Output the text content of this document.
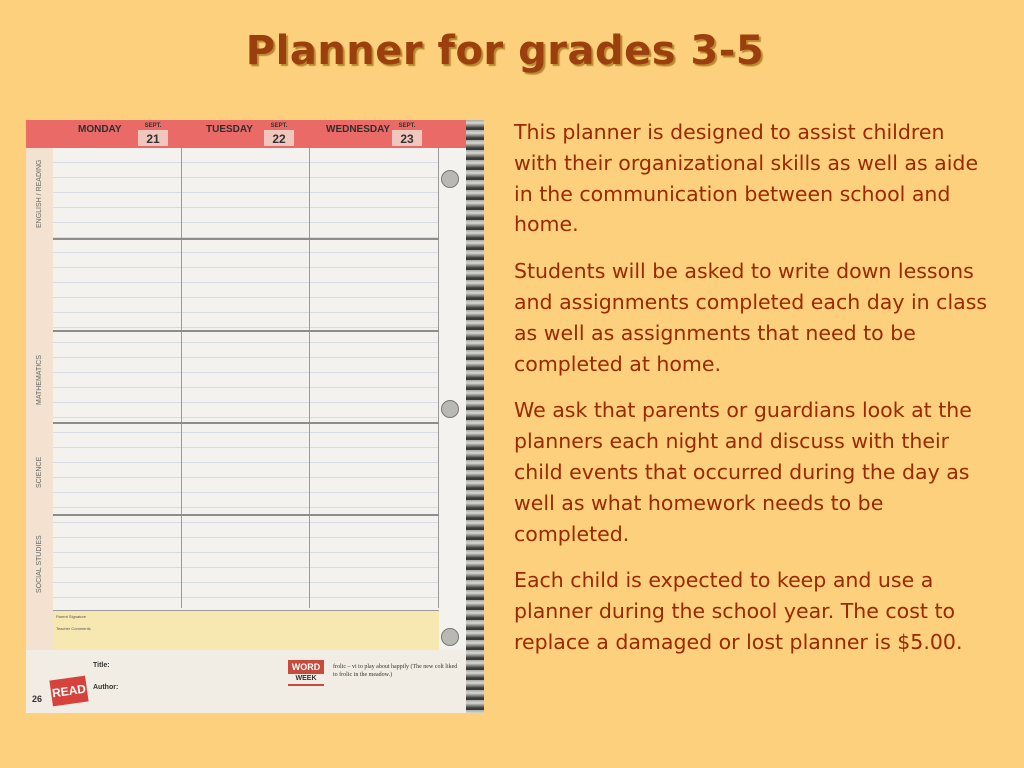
Planner for grades 3-5
MONDAY	SEPT.
21
TUESDAY	SEPT.
22
WEDNESDAY	SEPT.
23
ENGLISH / READING
MATHEMATICS
SCIENCE
SOCIAL STUDIES
Parent Signature
Teacher Comments
26 READ
Title:
Author:
WORD
WEEK
frolic – vi to play about happily (The new colt liked to frolic in the meadow.)

This planner is designed to assist children with their organizational skills as well as aide in the communication between school and home.

Students will be asked to write down lessons and assignments completed each day in class as well as assignments that need to be completed at home.

We ask that parents or guardians look at the planners each night and discuss with their child events that occurred during the day as well as what homework needs to be completed.

Each child is expected to keep and use a planner during the school year. The cost to replace a damaged or lost planner is $5.00.
